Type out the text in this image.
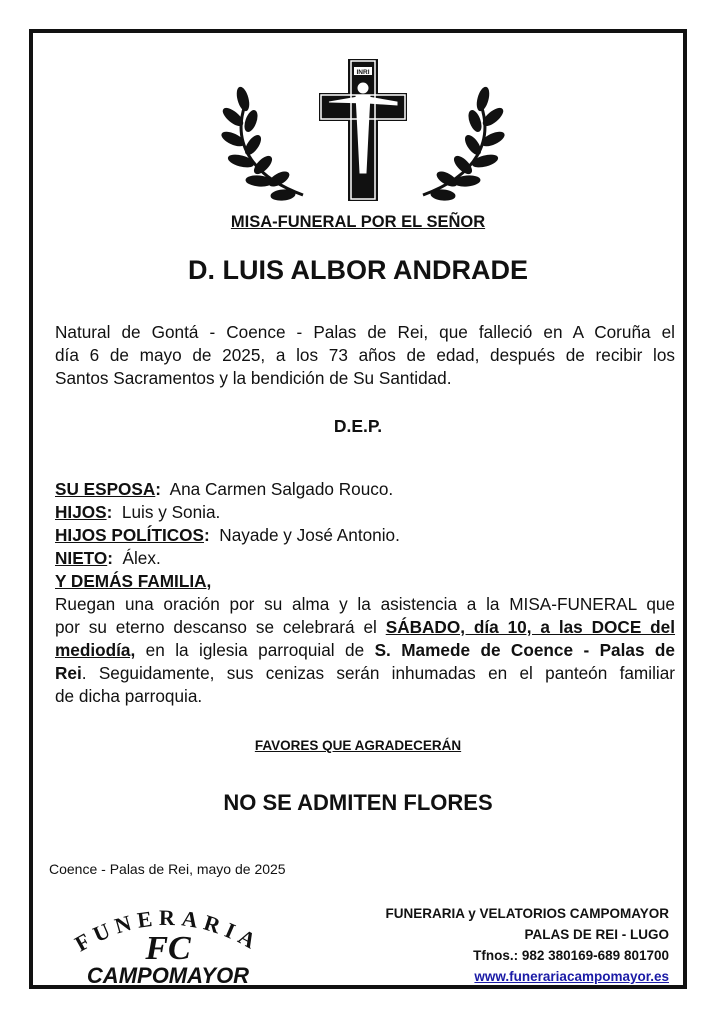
INRI
MISA-FUNERAL POR EL SEÑOR
D. LUIS ALBOR ANDRADE
Natural de Gontá - Coence - Palas de Rei, que falleció en A Coruña el
día 6 de mayo de 2025, a los 73 años de edad, después de recibir los
Santos Sacramentos y la bendición de Su Santidad.
D.E.P.
SU ESPOSA: Ana Carmen Salgado Rouco.
HIJOS: Luis y Sonia.
HIJOS POLÍTICOS: Nayade y José Antonio.
NIETO: Álex.
Y DEMÁS FAMILIA,
Ruegan una oración por su alma y la asistencia a la MISA-FUNERAL que
por su eterno descanso se celebrará el SÁBADO, día 10, a las DOCE del
mediodía, en la iglesia parroquial de S. Mamede de Coence - Palas de
Rei. Seguidamente, sus cenizas serán inhumadas en el panteón familiar
de dicha parroquia.
FAVORES QUE AGRADECERÁN
NO SE ADMITEN FLORES
Coence - Palas de Rei, mayo de 2025
FUNERARIA
FC
CAMPOMAYOR
FUNERARIA y VELATORIOS CAMPOMAYOR
PALAS DE REI - LUGO
Tfnos.: 982 380169-689 801700
www.funerariacampomayor.es
